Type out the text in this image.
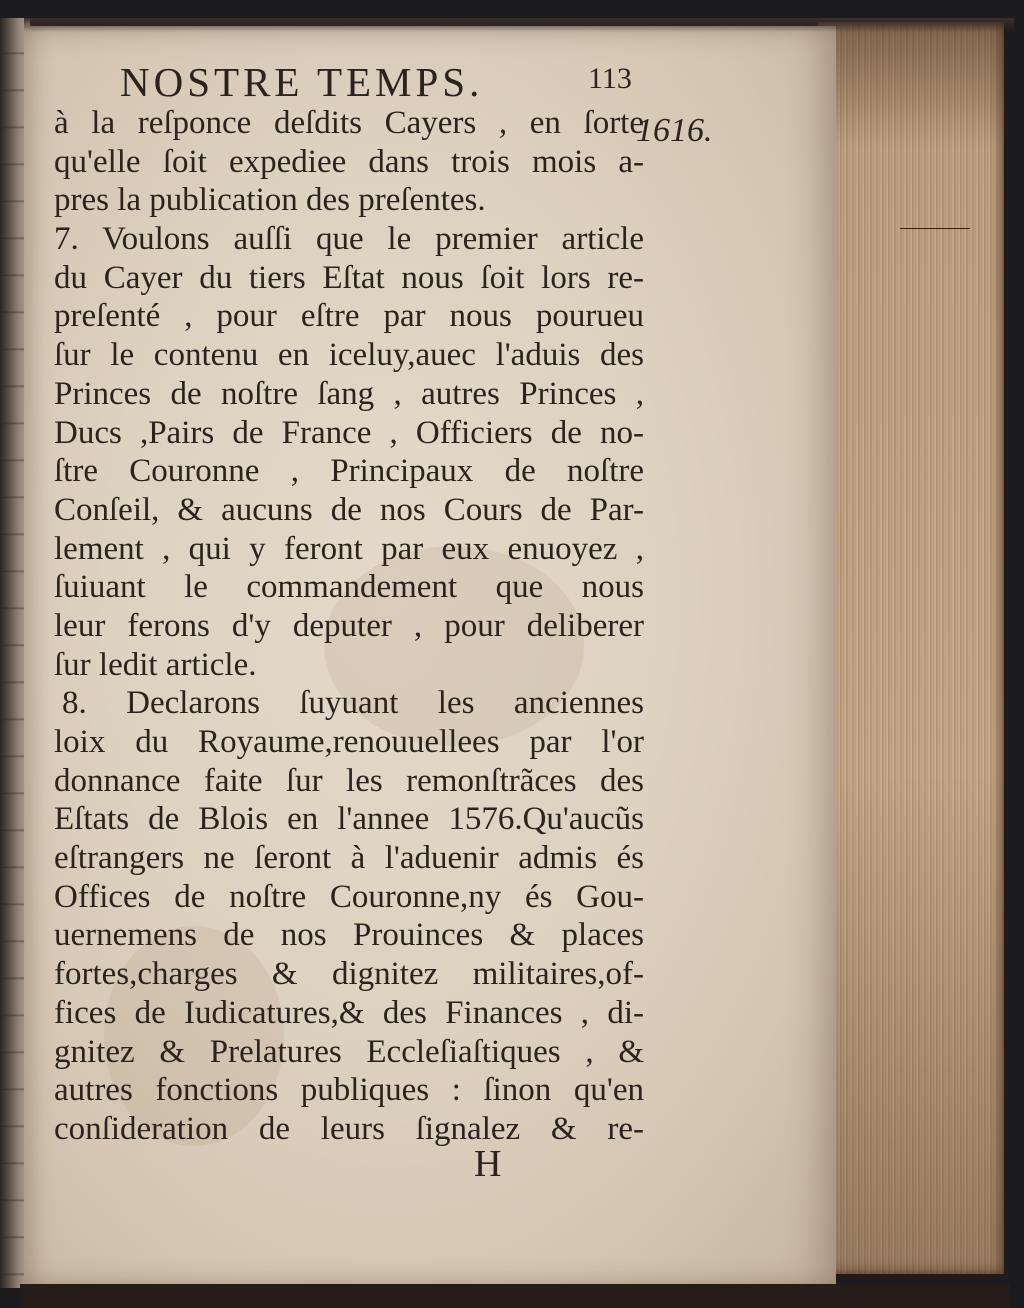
NOSTRE TEMPS.	113
1616.
à la reſponce deſdits Cayers , en ſorte
qu'elle ſoit expediee dans trois mois a-
pres la publication des preſentes.
7. Voulons auſſi que le premier article
du Cayer du tiers Eſtat nous ſoit lors re-
preſenté , pour eſtre par nous pourueu
ſur le contenu en iceluy,auec l'aduis des
Princes de noſtre ſang , autres Princes ,
Ducs ,Pairs de France , Officiers de no-
ſtre Couronne , Principaux de noſtre
Conſeil, & aucuns de nos Cours de Par-
lement , qui y feront par eux enuoyez ,
ſuiuant le commandement que nous
leur ferons d'y deputer , pour deliberer
ſur ledit article.
8. Declarons ſuyuant les anciennes
loix du Royaume,renouuellees par l'or
donnance faite ſur les remonſtrãces des
Eſtats de Blois en l'annee 1576.Qu'aucũs
eſtrangers ne ſeront à l'aduenir admis és
Offices de noſtre Couronne,ny és Gou-
uernemens de nos Prouinces & places
fortes,charges & dignitez militaires,of-
fices de Iudicatures,& des Finances , di-
gnitez & Prelatures Eccleſiaſtiques , &
autres fonctions publiques : ſinon qu'en
conſideration de leurs ſignalez & re-
H
